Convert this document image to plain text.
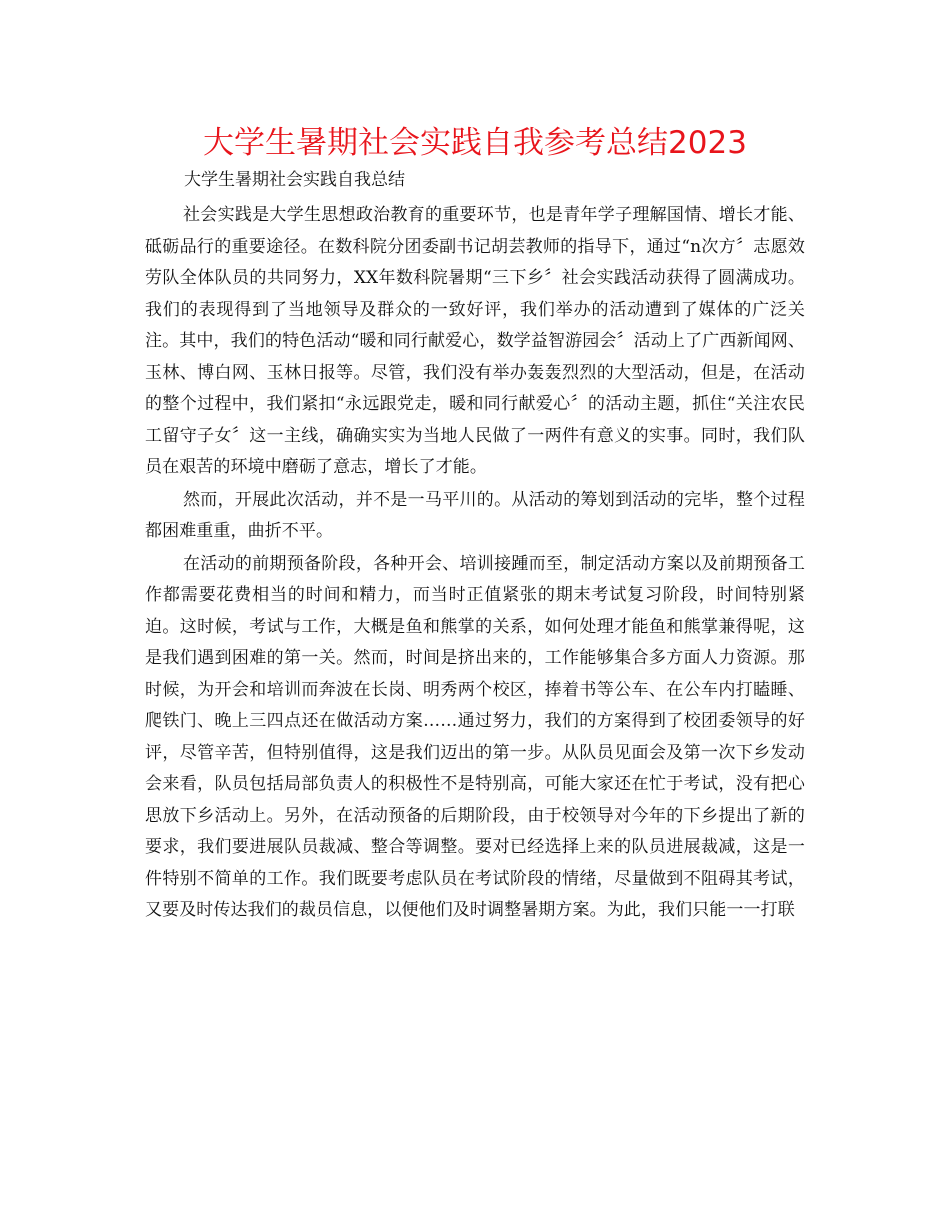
大学生暑期社会实践自我参考总结2023

大学生暑期社会实践自我总结

社会实践是大学生思想政治教育的重要环节，也是青年学子理解国情、增长才能、砥砺品行的重要途径。在数科院分团委副书记胡芸教师的指导下，通过“n次方〞志愿效劳队全体队员的共同努力，XX年数科院暑期“三下乡〞社会实践活动获得了圆满成功。我们的表现得到了当地领导及群众的一致好评，我们举办的活动遭到了媒体的广泛关注。其中，我们的特色活动“暖和同行献爱心，数学益智游园会〞活动上了广西新闻网、玉林、博白网、玉林日报等。尽管，我们没有举办轰轰烈烈的大型活动，但是，在活动的整个过程中，我们紧扣“永远跟党走，暖和同行献爱心〞的活动主题，抓住“关注农民工留守子女〞这一主线，确确实实为当地人民做了一两件有意义的实事。同时，我们队员在艰苦的环境中磨砺了意志，增长了才能。

然而，开展此次活动，并不是一马平川的。从活动的筹划到活动的完毕，整个过程都困难重重，曲折不平。

在活动的前期预备阶段，各种开会、培训接踵而至，制定活动方案以及前期预备工作都需要花费相当的时间和精力，而当时正值紧张的期末考试复习阶段，时间特别紧迫。这时候，考试与工作，大概是鱼和熊掌的关系，如何处理才能鱼和熊掌兼得呢，这是我们遇到困难的第一关。然而，时间是挤出来的，工作能够集合多方面人力资源。那时候，为开会和培训而奔波在长岗、明秀两个校区，捧着书等公车、在公车内打瞌睡、爬铁门、晚上三四点还在做活动方案……通过努力，我们的方案得到了校团委领导的好评，尽管辛苦，但特别值得，这是我们迈出的第一步。从队员见面会及第一次下乡发动会来看，队员包括局部负责人的积极性不是特别高，可能大家还在忙于考试，没有把心思放下乡活动上。另外，在活动预备的后期阶段，由于校领导对今年的下乡提出了新的要求，我们要进展队员裁减、整合等调整。要对已经选择上来的队员进展裁减，这是一件特别不简单的工作。我们既要考虑队员在考试阶段的情绪，尽量做到不阻碍其考试，又要及时传达我们的裁员信息，以便他们及时调整暑期方案。为此，我们只能一一打联
